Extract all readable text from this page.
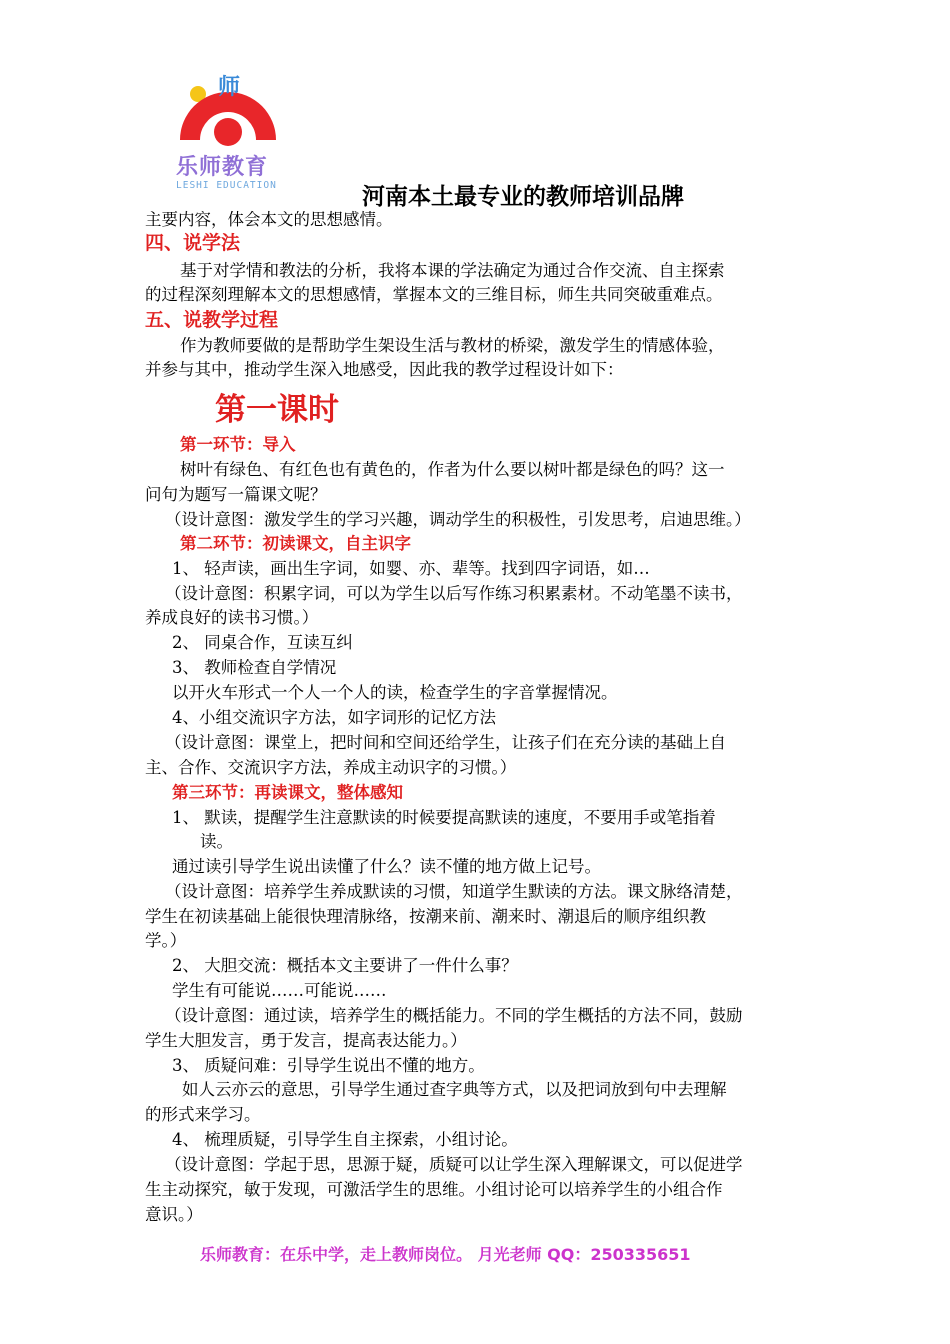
师
乐师教育
LESHI EDUCATION	河南本土最专业的教师培训品牌
主要内容，体会本文的思想感情。
四、说学法
基于对学情和教法的分析，我将本课的学法确定为通过合作交流、自主探索
的过程深刻理解本文的思想感情，掌握本文的三维目标，师生共同突破重难点。
五、说教学过程
作为教师要做的是帮助学生架设生活与教材的桥梁，激发学生的情感体验，
并参与其中，推动学生深入地感受，因此我的教学过程设计如下：
第一课时
第一环节：导入
树叶有绿色、有红色也有黄色的，作者为什么要以树叶都是绿色的吗？这一
问句为题写一篇课文呢？
（设计意图：激发学生的学习兴趣，调动学生的积极性，引发思考，启迪思维。）
第二环节：初读课文，自主识字
1、 轻声读，画出生字词，如婴、亦、辈等。找到四字词语，如…
（设计意图：积累字词，可以为学生以后写作练习积累素材。不动笔墨不读书，
养成良好的读书习惯。）
2、 同桌合作，互读互纠
3、 教师检查自学情况
以开火车形式一个人一个人的读，检查学生的字音掌握情况。
4、小组交流识字方法，如字词形的记忆方法
（设计意图：课堂上，把时间和空间还给学生，让孩子们在充分读的基础上自
主、合作、交流识字方法，养成主动识字的习惯。）
第三环节：再读课文，整体感知
1、 默读，提醒学生注意默读的时候要提高默读的速度，不要用手或笔指着
读。
通过读引导学生说出读懂了什么？读不懂的地方做上记号。
（设计意图：培养学生养成默读的习惯，知道学生默读的方法。课文脉络清楚，
学生在初读基础上能很快理清脉络，按潮来前、潮来时、潮退后的顺序组织教
学。）
2、 大胆交流：概括本文主要讲了一件什么事？
学生有可能说……可能说……
（设计意图：通过读，培养学生的概括能力。不同的学生概括的方法不同，鼓励
学生大胆发言，勇于发言，提高表达能力。）
3、 质疑问难：引导学生说出不懂的地方。
如人云亦云的意思，引导学生通过查字典等方式，以及把词放到句中去理解
的形式来学习。
4、 梳理质疑，引导学生自主探索，小组讨论。
（设计意图：学起于思，思源于疑，质疑可以让学生深入理解课文，可以促进学
生主动探究，敏于发现，可激活学生的思维。小组讨论可以培养学生的小组合作
意识。）
乐师教育：在乐中学，走上教师岗位。 月光老师 QQ：250335651
